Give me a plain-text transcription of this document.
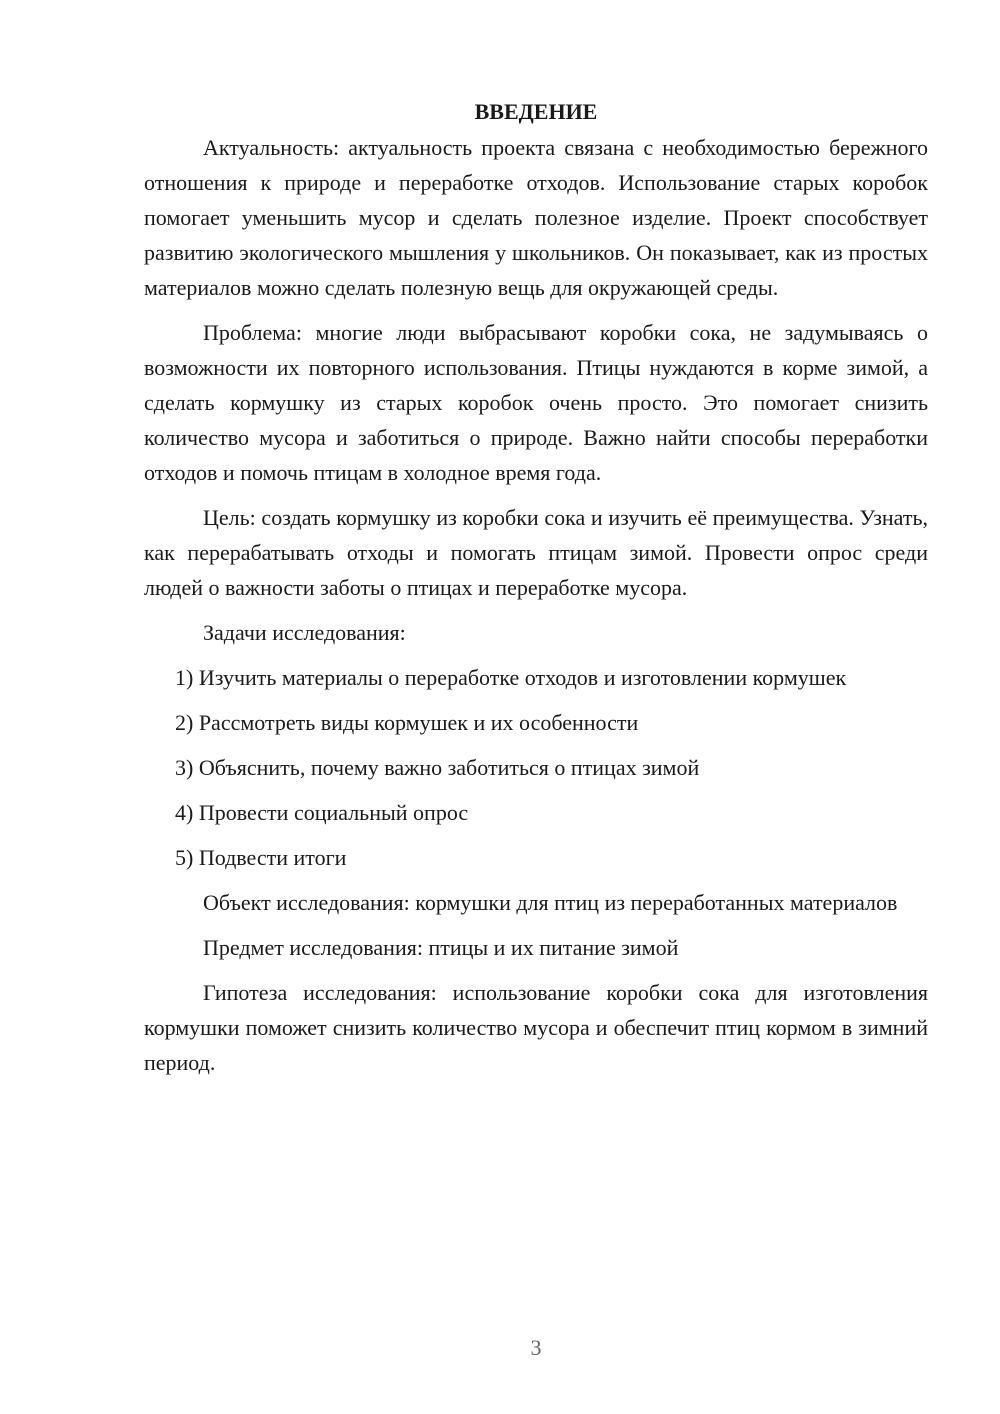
ВВЕДЕНИЕ

Актуальность: актуальность проекта связана с необходимостью бережного отношения к природе и переработке отходов. Использование старых коробок помогает уменьшить мусор и сделать полезное изделие. Проект способствует развитию экологического мышления у школьников. Он показывает, как из простых материалов можно сделать полезную вещь для окружающей среды.

Проблема: многие люди выбрасывают коробки сока, не задумываясь о возможности их повторного использования. Птицы нуждаются в корме зимой, а сделать кормушку из старых коробок очень просто. Это помогает снизить количество мусора и заботиться о природе. Важно найти способы переработки отходов и помочь птицам в холодное время года.

Цель: создать кормушку из коробки сока и изучить её преимущества. Узнать, как перерабатывать отходы и помогать птицам зимой. Провести опрос среди людей о важности заботы о птицах и переработке мусора.

Задачи исследования:

1) Изучить материалы о переработке отходов и изготовлении кормушек

2) Рассмотреть виды кормушек и их особенности

3) Объяснить, почему важно заботиться о птицах зимой

4) Провести социальный опрос

5) Подвести итоги

Объект исследования: кормушки для птиц из переработанных материалов

Предмет исследования: птицы и их питание зимой

Гипотеза исследования: использование коробки сока для изготовления кормушки поможет снизить количество мусора и обеспечит птиц кормом в зимний период.

3
